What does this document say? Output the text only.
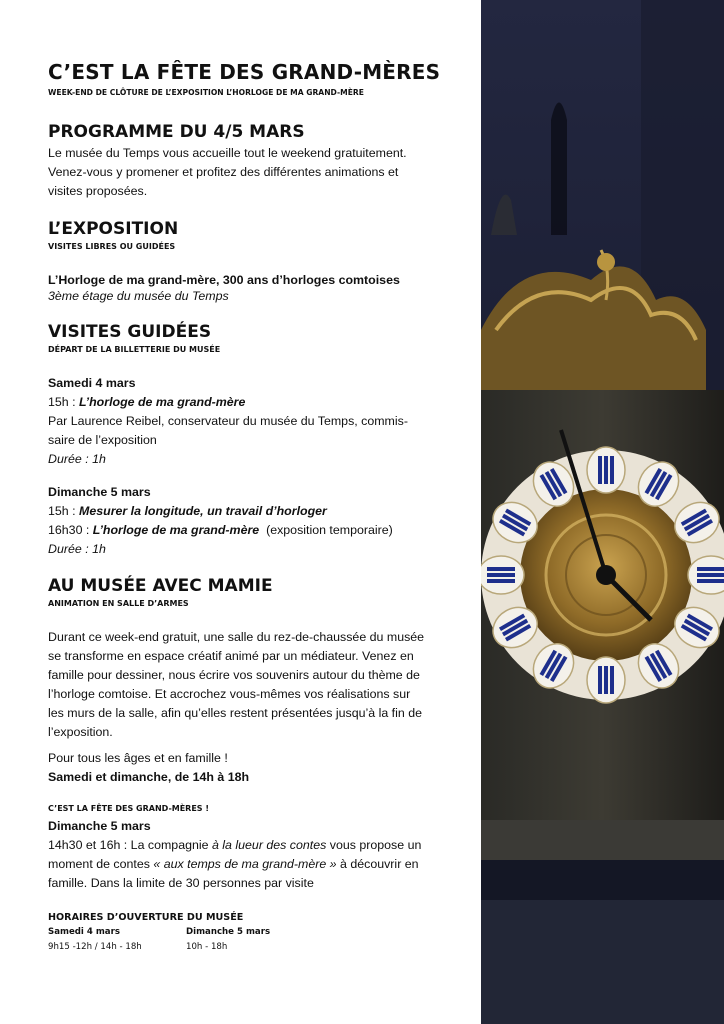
C’EST LA FÊTE DES GRAND-MÈRES
WEEK-END DE CLÔTURE DE L’EXPOSITION L’HORLOGE DE MA GRAND-MÈRE
PROGRAMME DU 4/5 MARS

Le musée du Temps vous accueille tout le weekend gratuitement.

Venez-vous y promener et profitez des différentes animations et

visites proposées.

L’EXPOSITION
VISITES LIBRES OU GUIDÉES

L’Horloge de ma grand-mère, 300 ans d’horloges comtoises

3ème étage du musée du Temps

VISITES GUIDÉES
DÉPART DE LA BILLETTERIE DU MUSÉE

Samedi 4 mars

15h : L’horloge de ma grand-mère

Par Laurence Reibel, conservateur du musée du Temps, commis-

saire de l’exposition

Durée : 1h

Dimanche 5 mars

15h : Mesurer la longitude, un travail d’horloger

16h30 : L’horloge de ma grand-mère  (exposition temporaire)

Durée : 1h

AU MUSÉE AVEC MAMIE
ANIMATION EN SALLE D’ARMES

Durant ce week-end gratuit, une salle du rez-de-chaussée du musée

se transforme en espace créatif animé par un médiateur. Venez en

famille pour dessiner, nous écrire vos souvenirs autour du thème de

l’horloge comtoise. Et accrochez vous-mêmes vos réalisations sur

les murs de la salle, afin qu’elles restent présentées jusqu’à la fin de

l’exposition.

Pour tous les âges et en famille !

Samedi et dimanche, de 14h à 18h

C’EST LA FÊTE DES GRAND-MÈRES !

Dimanche 5 mars

14h30 et 16h : La compagnie à la lueur des contes vous propose un

moment de contes « aux temps de ma grand-mère » à découvrir en

famille. Dans la limite de 30 personnes par visite

HORAIRES D’OUVERTURE DU MUSÉE
Samedi 4 mars
9h15 -12h / 14h - 18h
Dimanche 5 mars
10h - 18h
